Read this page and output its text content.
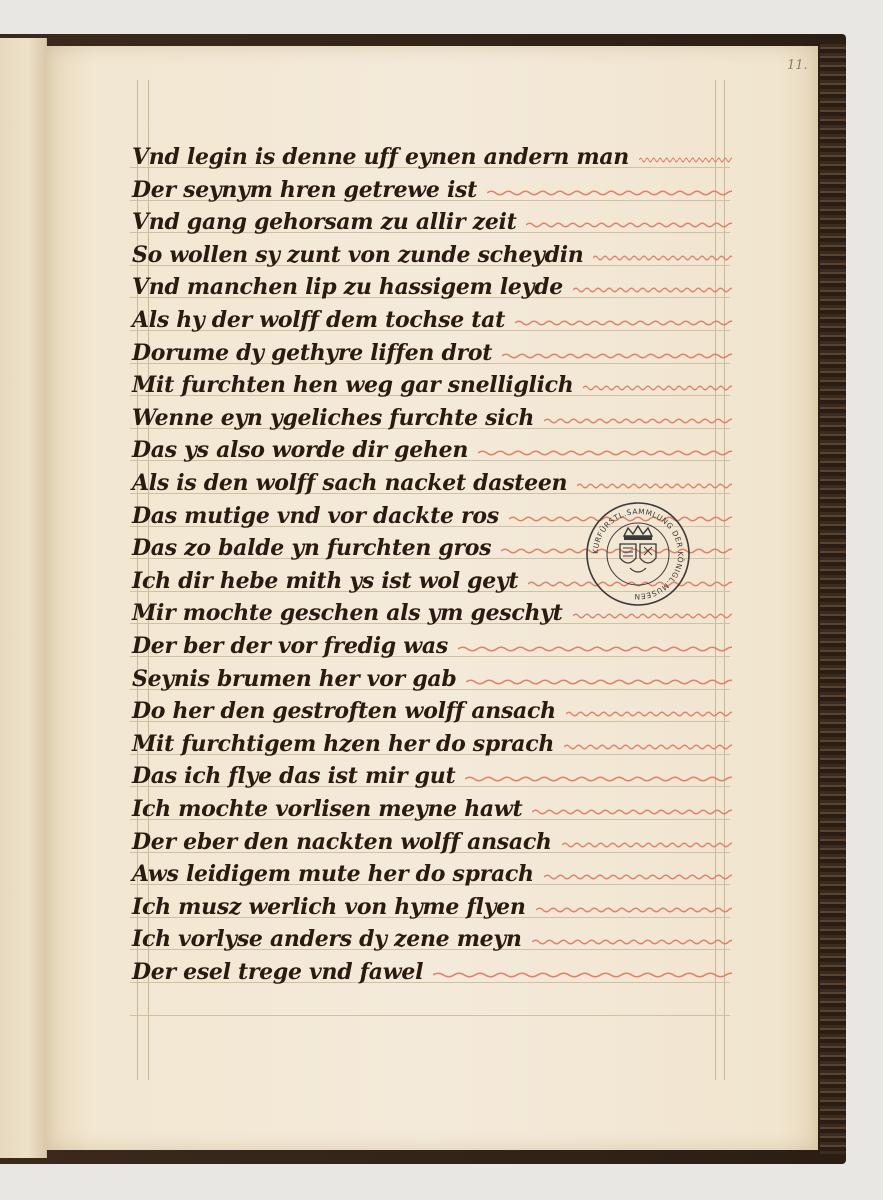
11.
Vnd legin is denne uff eynen andern man
Der seynym hren getrewe ist
Vnd gang gehorsam zu allir zeit
So wollen sy zunt von zunde scheydin
Vnd manchen lip zu hassigem leyde
Als hy der wolff dem tochse tat
Dorume dy gethyre liffen drot
Mit furchten hen weg gar snelliglich
Wenne eyn ygeliches furchte sich
Das ys also worde dir gehen
Als is den wolff sach nacket dasteen
Das mutige vnd vor dackte ros
Das zo balde yn furchten gros
Ich dir hebe mith ys ist wol geyt
Mir mochte geschen als ym geschyt
Der ber der vor fredig was
Seynis brumen her vor gab
Do her den gestroften wolff ansach
Mit furchtigem hzen her do sprach
Das ich flye das ist mir gut
Ich mochte vorlisen meyne hawt
Der eber den nackten wolff ansach
Aws leidigem mute her do sprach
Ich musz werlich von hyme flyen
Ich vorlyse anders dy zene meyn
Der esel trege vnd fawel
KURFÜRSTL.SAMMLUNG DER KÖNIGL.MUSEEN
